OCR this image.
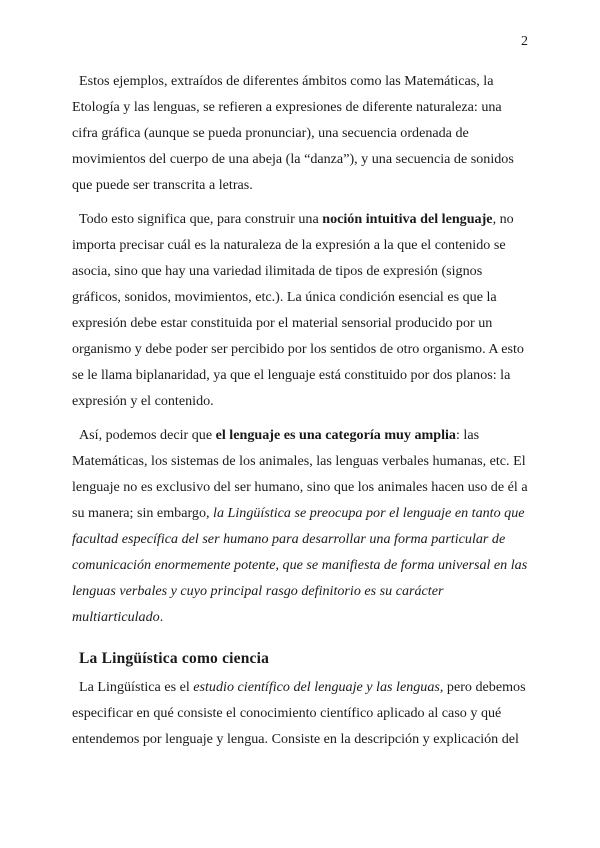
2

Estos ejemplos, extraídos de diferentes ámbitos como las Matemáticas, la Etología y las lenguas, se refieren a expresiones de diferente naturaleza: una cifra gráfica (aunque se pueda pronunciar), una secuencia ordenada de movimientos del cuerpo de una abeja (la “danza”), y una secuencia de sonidos que puede ser transcrita a letras.

Todo esto significa que, para construir una noción intuitiva del lenguaje, no importa precisar cuál es la naturaleza de la expresión a la que el contenido se asocia, sino que hay una variedad ilimitada de tipos de expresión (signos gráficos, sonidos, movimientos, etc.). La única condición esencial es que la expresión debe estar constituida por el material sensorial producido por un organismo y debe poder ser percibido por los sentidos de otro organismo. A esto se le llama biplanaridad, ya que el lenguaje está constituido por dos planos: la expresión y el contenido.

Así, podemos decir que el lenguaje es una categoría muy amplia: las Matemáticas, los sistemas de los animales, las lenguas verbales humanas, etc. El lenguaje no es exclusivo del ser humano, sino que los animales hacen uso de él a su manera; sin embargo, la Lingüística se preocupa por el lenguaje en tanto que facultad específica del ser humano para desarrollar una forma particular de comunicación enormemente potente, que se manifiesta de forma universal en las lenguas verbales y cuyo principal rasgo definitorio es su carácter multiarticulado.

La Lingüística como ciencia

La Lingüística es el estudio científico del lenguaje y las lenguas, pero debemos especificar en qué consiste el conocimiento científico aplicado al caso y qué entendemos por lenguaje y lengua. Consiste en la descripción y explicación del
